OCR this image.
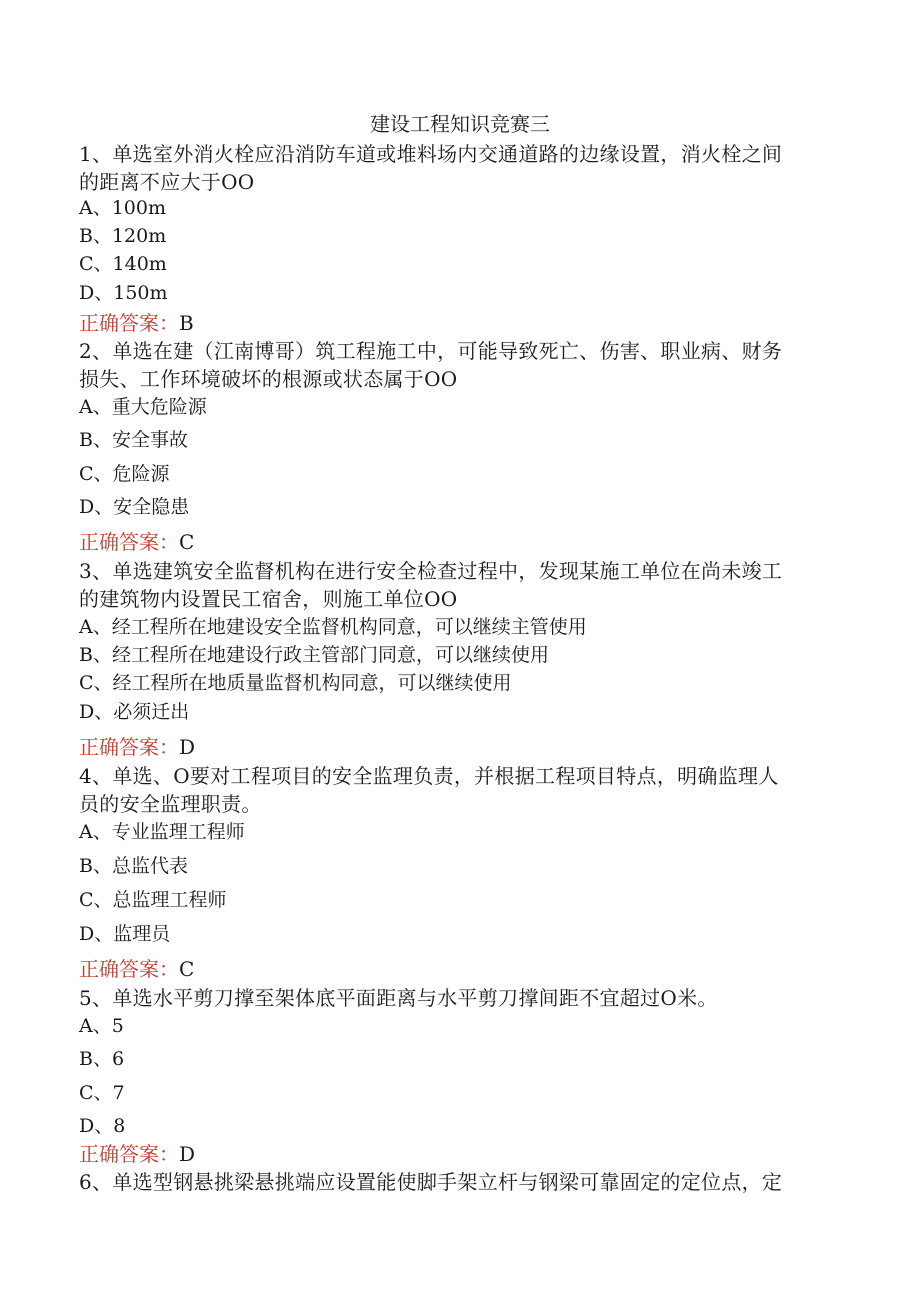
建设工程知识竞赛三
1、单选室外消火栓应沿消防车道或堆料场内交通道路的边缘设置，消火栓之间
的距离不应大于OO
A、100m
B、120m
C、140m
D、150m
正确答案：B
2、单选在建（江南博哥）筑工程施工中，可能导致死亡、伤害、职业病、财务
损失、工作环境破坏的根源或状态属于OO
A、重大危险源
B、安全事故
C、危险源
D、安全隐患
正确答案：C
3、单选建筑安全监督机构在进行安全检查过程中，发现某施工单位在尚未竣工
的建筑物内设置民工宿舍，则施工单位OO
A、经工程所在地建设安全监督机构同意，可以继续主管使用
B、经工程所在地建设行政主管部门同意，可以继续使用
C、经工程所在地质量监督机构同意，可以继续使用
D、必须迁出
正确答案：D
4、单选、O要对工程项目的安全监理负责，并根据工程项目特点，明确监理人
员的安全监理职责。
A、专业监理工程师
B、总监代表
C、总监理工程师
D、监理员
正确答案：C
5、单选水平剪刀撑至架体底平面距离与水平剪刀撑间距不宜超过O米。
A、5
B、6
C、7
D、8
正确答案：D
6、单选型钢悬挑梁悬挑端应设置能使脚手架立杆与钢梁可靠固定的定位点，定
